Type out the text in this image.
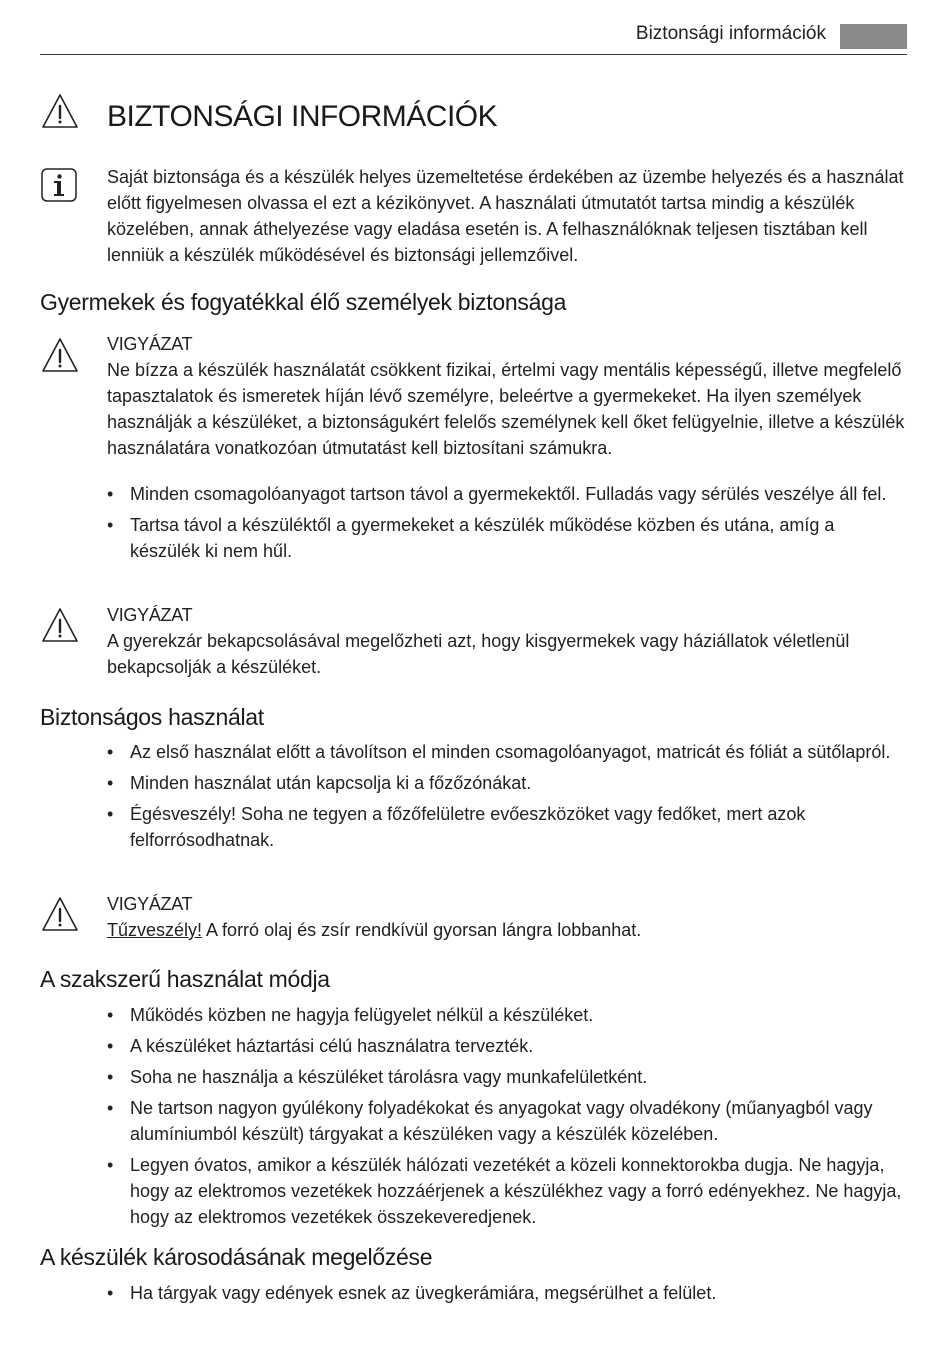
Biztonsági információk
BIZTONSÁGI INFORMÁCIÓK

Saját biztonsága és a készülék helyes üzemeltetése érdekében az üzembe helyezés és a használat előtt figyelmesen olvassa el ezt a kézikönyvet. A használati útmutatót tartsa mindig a készülék közelében, annak áthelyezése vagy eladása esetén is. A felhasználóknak teljesen tisztában kell lenniük a készülék működésével és biztonsági jellemzőivel.

Gyermekek és fogyatékkal élő személyek biztonsága
VIGYÁZAT

Ne bízza a készülék használatát csökkent fizikai, értelmi vagy mentális képességű, illetve megfelelő tapasztalatok és ismeretek híján lévő személyre, beleértve a gyermekeket. Ha ilyen személyek használják a készüléket, a biztonságukért felelős személynek kell őket felügyelnie, illetve a készülék használatára vonatkozóan útmutatást kell biztosítani számukra.

• Minden csomagolóanyagot tartson távol a gyermekektől. Fulladás vagy sérülés veszélye áll fel.
• Tartsa távol a készüléktől a gyermekeket a készülék működése közben és utána, amíg a készülék ki nem hűl.
VIGYÁZAT

A gyerekzár bekapcsolásával megelőzheti azt, hogy kisgyermekek vagy háziállatok véletlenül bekapcsolják a készüléket.

Biztonságos használat
• Az első használat előtt a távolítson el minden csomagolóanyagot, matricát és fóliát a sütőlapról.
• Minden használat után kapcsolja ki a főzőzónákat.
• Égésveszély! Soha ne tegyen a főzőfelületre evőeszközöket vagy fedőket, mert azok felforrósodhatnak.
VIGYÁZAT

Tűzveszély! A forró olaj és zsír rendkívül gyorsan lángra lobbanhat.

A szakszerű használat módja
• Működés közben ne hagyja felügyelet nélkül a készüléket.
• A készüléket háztartási célú használatra tervezték.
• Soha ne használja a készüléket tárolásra vagy munkafelületként.
• Ne tartson nagyon gyúlékony folyadékokat és anyagokat vagy olvadékony (műanyagból vagy alumíniumból készült) tárgyakat a készüléken vagy a készülék közelében.
• Legyen óvatos, amikor a készülék hálózati vezetékét a közeli konnektorokba dugja. Ne hagyja, hogy az elektromos vezetékek hozzáérjenek a készülékhez vagy a forró edényekhez. Ne hagyja, hogy az elektromos vezetékek összekeveredjenek.
A készülék károsodásának megelőzése
• Ha tárgyak vagy edények esnek az üvegkerámiára, megsérülhet a felület.
